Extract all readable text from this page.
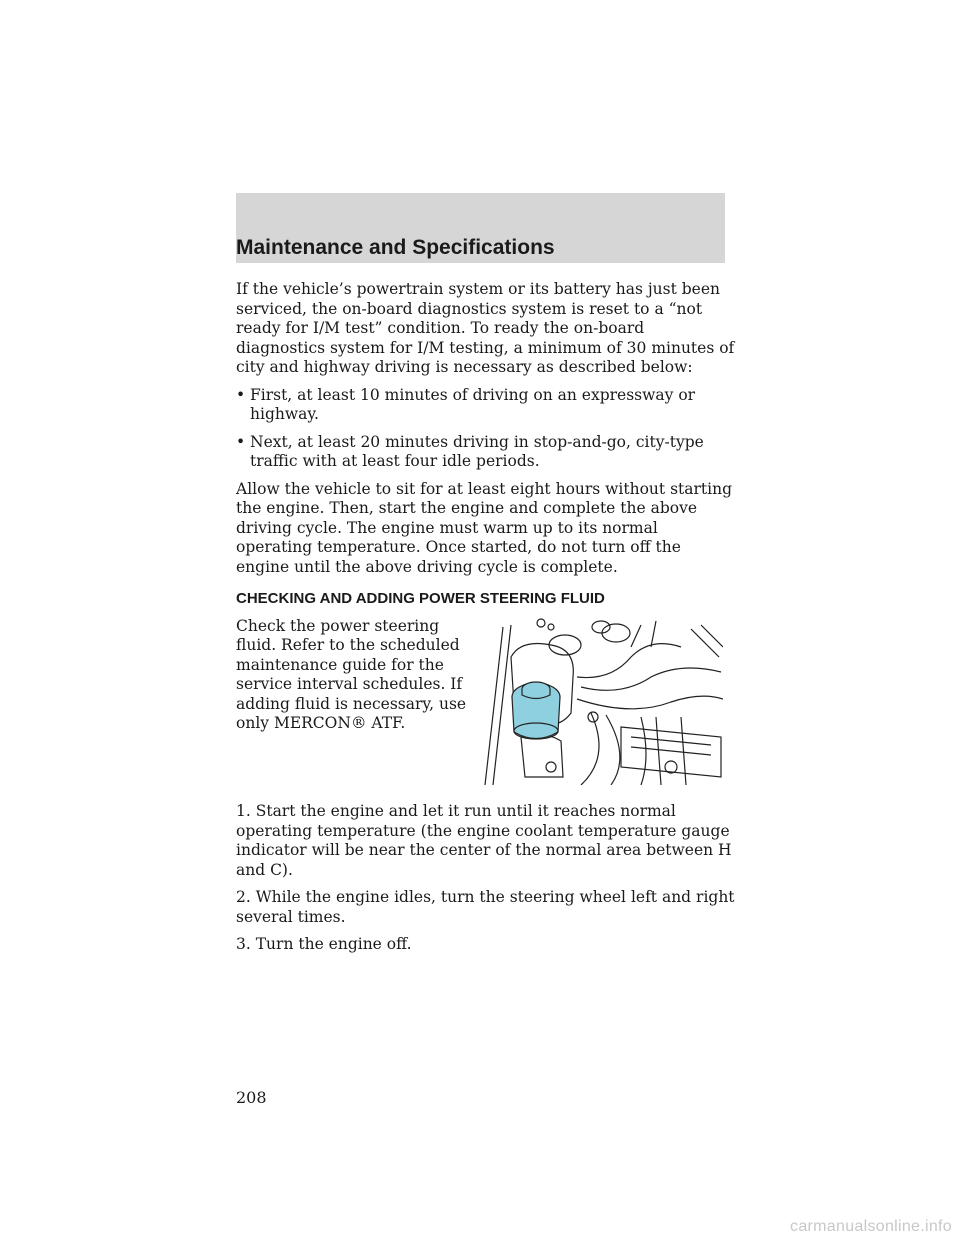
Maintenance and Specifications

If the vehicle’s powertrain system or its battery has just been serviced, the on-board diagnostics system is reset to a “not ready for I/M test” condition. To ready the on-board diagnostics system for I/M testing, a minimum of 30 minutes of city and highway driving is necessary as described below:

• First, at least 10 minutes of driving on an expressway or highway.
• Next, at least 20 minutes driving in stop-and-go, city-type traffic with at least four idle periods.

Allow the vehicle to sit for at least eight hours without starting the engine. Then, start the engine and complete the above driving cycle. The engine must warm up to its normal operating temperature. Once started, do not turn off the engine until the above driving cycle is complete.

CHECKING AND ADDING POWER STEERING FLUID
Check the power steering fluid. Refer to the scheduled maintenance guide for the service interval schedules. If adding fluid is necessary, use only MERCON® ATF.

1. Start the engine and let it run until it reaches normal operating temperature (the engine coolant temperature gauge indicator will be near the center of the normal area between H and C).

2. While the engine idles, turn the steering wheel left and right several times.

3. Turn the engine off.

208
carmanualsonline.info
